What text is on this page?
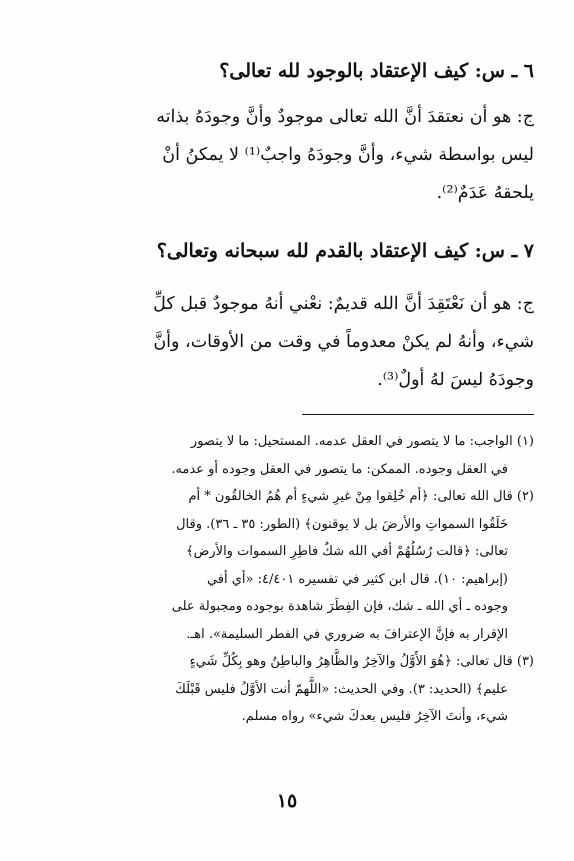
٦ ـ س: كيف الإعتقاد بالوجود لله تعالى؟

ج: هو أن نعتقدَ أنَّ الله تعالى موجودٌ وأنَّ وجودَهُ بذاته

ليس بواسطة شيء، وأنَّ وجودَهُ واجبٌ⁽¹⁾ لا يمكنُ أنْ

يلحقهُ عَدَمٌ⁽²⁾.

٧ ـ س: كيف الإعتقاد بالقدم لله سبحانه وتعالى؟

ج: هو أن نَعْتَقِدَ أنَّ الله قديمٌ: نعْني أنهُ موجودٌ قبل كلِّ

شيء، وأنهُ لم يكنْ معدوماً في وقت من الأوقات، وأنَّ

وجودَهُ ليسَ لهُ أولٌ⁽³⁾.

(١) الواجب: ما لا يتصور في العقل عدمه. المستحيل: ما لا يتصور

في العقل وجوده. الممكن: ما يتصور في العقل وجوده أو عدمه.

(٢) قال الله تعالى: ﴿أم خُلِقوا مِنْ غيرِ شيءٍ أم هُمُ الخالقُون * أم

خَلَقُوا السمواتِ والأرضَ بل لا يوقنون﴾ (الطور: ٣٥ ـ ٣٦). وقال

تعالى: ﴿قالت رُسُلُهُمْ أفي الله شكٌ فاطِرِ السموات والأرض﴾

(إبراهيم: ١٠). قال ابن كثير في تفسيره ٤/٤٠١: «أي أفي

وجوده ـ أي الله ـ شك، فإن الفِطَرَ شاهدة بوجوده ومجبولة على

الإقرار به فإنَّ الإعترافَ به ضروري في الفطر السليمة». اهـ.

(٣) قال تعالى: ﴿هُوَ الأَوَّلُ والآخِرُ والظَّاهِرُ والباطِنُ وهو بِكُلِّ شَيءٍ

عليم﴾ (الحديد: ٣). وفي الحديث: «اللَّهمّ أنت الأوَّلُ فليس قَبْلَكَ

شيء، وأنتَ الآخِرُ فليس بعدكَ شيء» رواه مسلم.

١٥
